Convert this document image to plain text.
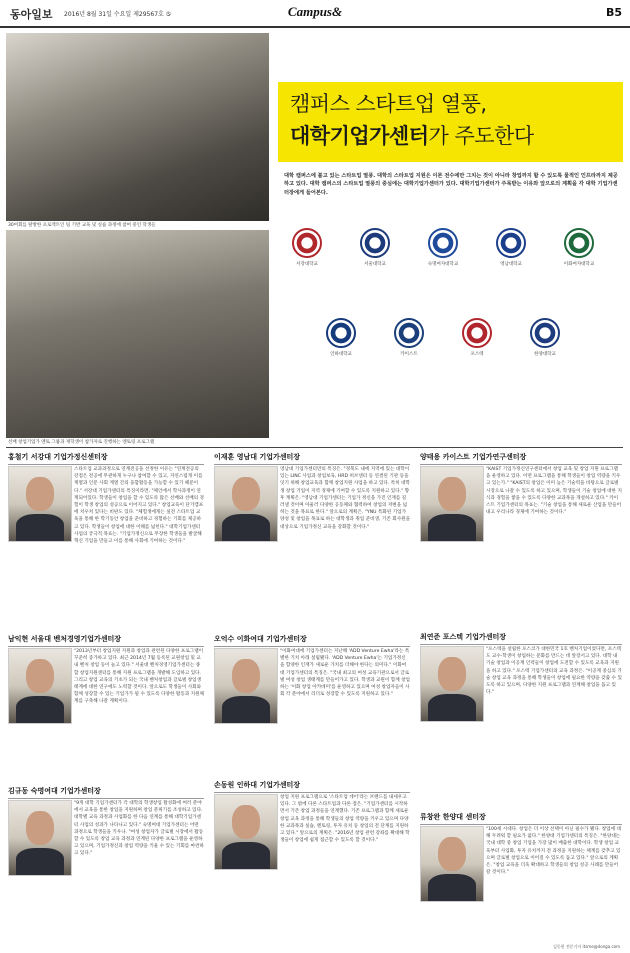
동아일보 2016년 8월 31일 수요일 제29567호 ⑤	Campus&	B5
30여회를 탈방한 프로젝트인 팀 기반 교육 및 실습 과정에 참여 중인 학생들
선배 창업기업가 멘토 그룹과 재학생이 참가자로 진행하는 멘토링 프로그램
캠퍼스 스타트업 열풍,
대학기업가센터가 주도한다
대학 캠퍼스에 불고 있는 스타트업 열풍. 대학의 스타트업 지원은 이론 전수에만 그치는 것이 아니라 창업까지 할 수 있도록 물적인 인프라까지 제공하고 있다. 대학 캠퍼스의 스타트업 열풍의 중심에는 대학기업가센터가 있다. 대학기업가센터가 주목받는 이유와 앞으로의 계획을 각 대학 기업가센터장에게 들어본다.
서강대학교	서울대학교	숙명여자대학교	영남대학교	이화여자대학교
인하대학교	카이스트	포스텍	한양대학교
홍철기 서강대 기업가정신센터장
스타트업 교과과정으로 연계전공을 선정한 이유는 "연계전공의 강점은 전공에 무관하게 누구나 참여할 수 있고, 자연스럽게 이를 계열과 인문 사회 계열 간의 융합활동을 가능할 수 있기 때문이다." 서강대 기업가센터의 특징이라면. "체인에서 학사과정이 연계되어있다. 학생들이 창업을 할 수 있도록 많은 선배와 선배의 경험이 학생 창업의 성공으로 이어지고 있다." 창업교육이 단기캠프에 치우쳐 있다는 비판도 있다. "체험생에게는 실전 스타트업 교육을 통해 한 학기동안 창업을 준비하고 경험하는 기회를 제공하고 있다. 학생들이 창업에 대한 이해를 넓힌다." 대학기업가센터 사업의 궁극적 목표는. "기업가정신으로 무장한 학생들을 발굴해 혁신 기업을 만들고 이를 통해 사회에 기여하는 것이다."
남익현 서울대 벤처경영기업가센터장
"2013년부터 창업지원 지원과 창업과 관련된 다양한 프로그램이 꾸준히 증가하고 있다. 최근 2014년 7월 등록된 교원창업 및 교내 벤처 창업 등이 늘고 있다." 서울대 벤처경영기업가센터는 종합 창업지원센터를 통해 지원 프로그램을 개발해 도입하고 있다. 그리고 창업 교육의 기초가 되는 국내 벤처창업과 글로벌 창업생태계에 대한 연구에도 노력할 것이다. 앞으로도 학생들이 사회와 함께 성장할 수 있는 기업가가 될 수 있도록 다양한 활동과 지원체계를 구축해 나갈 계획이다.
김규동 숙명여대 기업가센터장
"9개 대학 기업가센터가 각 대학의 학생창업 활성화에 여러 분야에서 교육을 통한 창업을 지원하며 창업 분위기를 조성하고 있다. 대학별 교육 과정과 사업화를 한 다음 연계를 통해 대학기업가센터 사업의 성과가 나타나고 있다." 숙명여대 기업가센터는 어떤 과정으로 학생들을 키우나. "여성 창업자가 글로벌 시장에서 활동할 수 있도록 창업 교육 과정과 연계된 다양한 프로그램을 운영하고 있으며, 기업가정신과 창업 역량을 키울 수 있는 기회를 마련하고 있다."
이재훈 영남대 기업가센터장
영남대 기업가센터만의 특징은. "경북도 내에 지역에 있는 대학이 있는 LINC 사업과 창업보육, HRD 허브센터 등 연결된 기관 등을 잇기 위해 창업교육과 함께 창업지원 사업을 하고 있다. 특히 대학생 창업 기업이 지역 경제에 기여할 수 있도록 지원하고 있다." 향후 계획은. "영남대 기업가센터는 기업가 정신을 가진 인재를 길러낼 것이며 아울러 다양한 공동체와 협력하여 창업의 저변을 넓히는 것을 목표로 한다." 앞으로의 계획은. "YNU 특화된 기업가 양성 및 창업을 목표로 하는 대학생과 취업 준비생, 기존 회사원을 대상으로 기업가정신 교육을 강화할 것이다."
오억수 이화여대 기업가센터장
"이화여대에 기업가센터는 지난해 'ADD Venture Ewha'라는 특별한 기치 아래 설립됐다. 'ADD Venture Ewha'는 기업가정신을 함양한 인재가 새로운 가치를 더해야 한다는 의미다." 이화여대 기업가센터의 특징은. "국내 최고의 여성 교육기관으로서 글로벌 여성 창업 생태계를 만들어가고 있다. 학생과 교원이 함께 창업하는 '이화 창업 아카데미'를 운영하고 있으며 여성 창업자들이 사회 각 분야에서 리더로 성장할 수 있도록 지원하고 있다."
손동원 인하대 기업가센터장
창업 지원 프로그램으로 '스타트업 데이'라는 브랜드를 내세우고 있다. 그 밖에 다른 스타트업과 다른 점은. "기업가센터를 시작하면서 기존 창업 과정들을 연계했다. 기존 프로그램과 함께 새로운 창업 교육 과정을 통해 학생들의 창업 역량을 키우고 있으며 다양한 교과목과 실습, 멘토링, 투자 유치 등 창업의 전 단계를 지원하고 있다." 앞으로의 계획은. "2016년 창업 관련 강좌를 확대해 학생들이 창업에 쉽게 접근할 수 있도록 할 것이다."
양태용 카이스트 기업가연구센터장
"KAIST 기업가정신연구센터에서 창업 교육 및 창업 지원 프로그램을 운영하고 있다. 어떤 프로그램을 통해 학생들이 창업 역량을 키우고 있는가." "KAIST의 창업은 이미 높은 기술력을 바탕으로 글로벌 시장으로 나갈 수 있도록 하고 있으며, 학생들이 기술 창업에 대한 지식과 경험을 쌓을 수 있도록 다양한 교과목을 개설하고 있다." 카이스트 기업가센터의 목표는. "기술 창업을 통해 새로운 산업을 만들어 내고 우리나라 경제에 기여하는 것이다."
최연준 포스텍 기업가센터장
"포스텍을 설립한 포스코가 대한민국 1호 벤처기업이었다면, 포스텍도 교수·학생이 창업하는 문화를 만드는 데 앞장서고 있다. 대학 내 기술 창업과 이공계 인력들이 창업에 도전할 수 있도록 교육과 지원을 하고 있다." 포스텍 기업가센터의 교육 과정은. "이공계 중심의 기술 창업 교육 과정을 통해 학생들이 창업에 필요한 역량을 갖출 수 있도록 하고 있으며, 다양한 지원 프로그램과 연계해 창업을 돕고 있다."
류창완 한양대 센터장
"100세 시대다. 창업은 더 이상 선택이 아닌 필수가 됐다. 창업에 대해 두려워 할 필요가 없다." 한양대 기업가센터의 특징은. "한양대는 국내 대학 중 창업 기업을 가장 많이 배출한 대학이다. 학생 창업 교육부터 사업화, 투자 유치까지 전 과정을 지원하는 체계를 갖추고 있으며 글로벌 창업으로 이어질 수 있도록 돕고 있다." 앞으로의 계획은. "창업 교육을 더욱 확대하고 학생들의 창업 성공 사례를 만들어 갈 것이다."
김동현 전문기자 itsme@donga.com
